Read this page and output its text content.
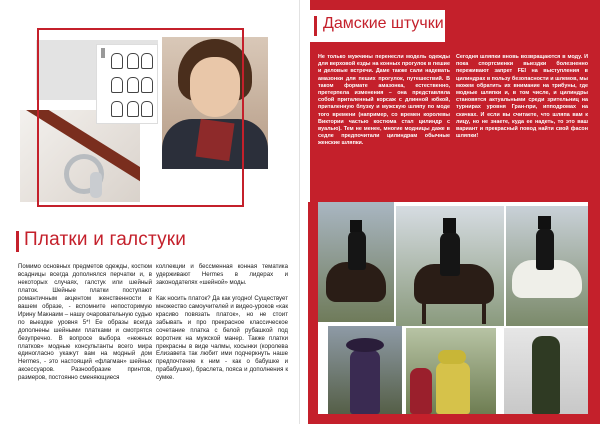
Платки и галстуки
Помимо основных предметов одежды, костюм всадницы всегда дополнялся перчатки и, в некоторых случаях, галстук или шейный платок. Шейные платки поступают романтичным акцентом женственности в вашем образе, - вспомните непосторимую Ирину Макнаим – нашу очаровательную судью по выездке уровня 5*! Ее образы всегда дополнены шейными платками и смотрятся безупречно. В вопросе выбора «нежных платков» модные консультанты всего мира единогласно укажут вам на модный дом Hermes, - это настоящий «флагман» шейных аксессуаров. Разнообразие принтов, размеров, постоянно сменяющиеся
коллекции и бессменная конная тематика удерживают Hermes в лидерах и законодателях «шейной» моды.

Как носить платок? Да как угодно! Существует множество самоучителей и видео-уроков «как красиво повязать платок», но не стоит забывать и про прекрасное классическое сочетание платка с белой рубашкой под воротник на мужской манер. Также платки прекрасны в виде чалмы, косынки (королева Елизавета так любит ими подчеркнуть наше предпочтение к ним - как о бабушке и прабабушке), браслета, пояса и дополнения к сумке.
Дамские штучки
Не только мужчины перенесли модель одежды для верховой езды на конных прогулок в пешие и деловые встречи. Даме также сали надевать амазонки для пеших прогулок, путешествий. В таком формате амазонка, естественно, претерпела изменения – она представляла собой приталенный корсаж с длинной юбкой, приталенную блузку и мужскую шляпу по моде того времени (например, со времен королевы Виктории частью костюма стал цилиндр с вуалью). Тем не менее, многие модницы даже в седле предпочитали цилиндрам обычные женские шляпки.
Сегодня шляпки вновь возвращаются в моду. И пока спортсменки выездки болезненно переживают запрет FEI на выступления в цилиндрах в пользу безопасности и шлемов, мы можем обратить их внимание на трибуны, где модные шляпки и, в том числе, и цилиндры становятся актуальными среди зрительниц на турнирах уровня Гран-при, ипподромах на скачках. И если вы считаете, что шляпа вам к лицу, но не знаете, куда ее надеть, то это ваш вариант и прекрасный повод найти свой фасон шляпки!
